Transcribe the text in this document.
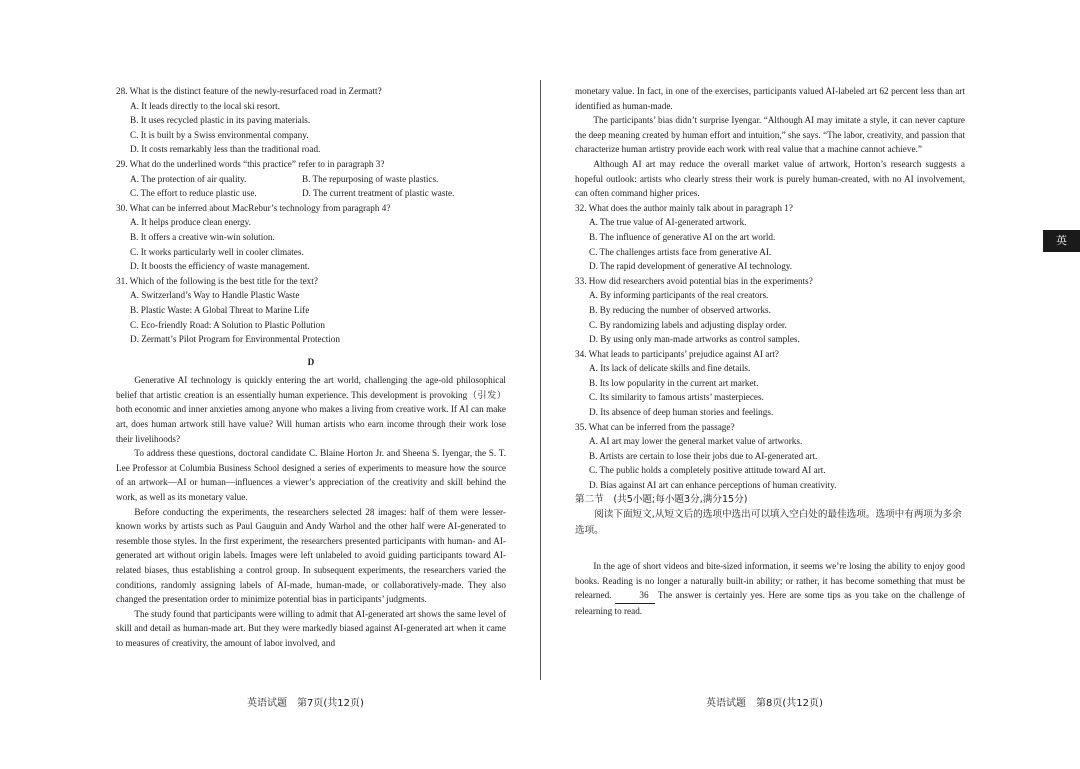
28. What is the distinct feature of the newly-resurfaced road in Zermatt?

A. It leads directly to the local ski resort.

B. It uses recycled plastic in its paving materials.

C. It is built by a Swiss environmental company.

D. It costs remarkably less than the traditional road.

29. What do the underlined words “this practice” refer to in paragraph 3?

A. The protection of air quality.	B. The repurposing of waste plastics.
C. The effort to reduce plastic use.	D. The current treatment of plastic waste.

30. What can be inferred about MacRebur’s technology from paragraph 4?

A. It helps produce clean energy.

B. It offers a creative win-win solution.

C. It works particularly well in cooler climates.

D. It boosts the efficiency of waste management.

31. Which of the following is the best title for the text?

A. Switzerland’s Way to Handle Plastic Waste

B. Plastic Waste: A Global Threat to Marine Life

C. Eco-friendly Road: A Solution to Plastic Pollution

D. Zermatt’s Pilot Program for Environmental Protection

D

Generative AI technology is quickly entering the art world, challenging the age-old philosophical belief that artistic creation is an essentially human experience. This development is provoking（引发）both economic and inner anxieties among anyone who makes a living from creative work. If AI can make art, does human artwork still have value? Will human artists who earn income through their work lose their livelihoods?

To address these questions, doctoral candidate C. Blaine Horton Jr. and Sheena S. Iyengar, the S. T. Lee Professor at Columbia Business School designed a series of experiments to measure how the source of an artwork—AI or human—influences a viewer’s appreciation of the creativity and skill behind the work, as well as its monetary value.

Before conducting the experiments, the researchers selected 28 images: half of them were lesser-known works by artists such as Paul Gauguin and Andy Warhol and the other half were AI-generated to resemble those styles. In the first experiment, the researchers presented participants with human- and AI-generated art without origin labels. Images were left unlabeled to avoid guiding participants toward AI-related biases, thus establishing a control group. In subsequent experiments, the researchers varied the conditions, randomly assigning labels of AI-made, human-made, or collaboratively-made. They also changed the presentation order to minimize potential bias in participants’ judgments.

The study found that participants were willing to admit that AI-generated art shows the same level of skill and detail as human-made art. But they were markedly biased against AI-generated art when it came to measures of creativity, the amount of labor involved, and

monetary value. In fact, in one of the exercises, participants valued AI-labeled art 62 percent less than art identified as human-made.

The participants’ bias didn’t surprise Iyengar. “Although AI may imitate a style, it can never capture the deep meaning created by human effort and intuition,” she says. “The labor, creativity, and passion that characterize human artistry provide each work with real value that a machine cannot achieve.”

Although AI art may reduce the overall market value of artwork, Horton’s research suggests a hopeful outlook: artists who clearly stress their work is purely human-created, with no AI involvement, can often command higher prices.

32. What does the author mainly talk about in paragraph 1?

A. The true value of AI-generated artwork.

B. The influence of generative AI on the art world.

C. The challenges artists face from generative AI.

D. The rapid development of generative AI technology.

33. How did researchers avoid potential bias in the experiments?

A. By informing participants of the real creators.

B. By reducing the number of observed artworks.

C. By randomizing labels and adjusting display order.

D. By using only man-made artworks as control samples.

34. What leads to participants’ prejudice against AI art?

A. Its lack of delicate skills and fine details.

B. Its low popularity in the current art market.

C. Its similarity to famous artists’ masterpieces.

D. Its absence of deep human stories and feelings.

35. What can be inferred from the passage?

A. AI art may lower the general market value of artworks.

B. Artists are certain to lose their jobs due to AI-generated art.

C. The public holds a completely positive attitude toward AI art.

D. Bias against AI art can enhance perceptions of human creativity.

第二节　(共5小题;每小题3分,满分15分)

阅读下面短文,从短文后的选项中选出可以填入空白处的最佳选项。选项中有两项为多余选项。

In the age of short videos and bite-sized information, it seems we’re losing the ability to enjoy good books. Reading is no longer a naturally built-in ability; or rather, it has become something that must be relearned.	36 The answer is certainly yes. Here are some tips as you take on the challenge of relearning to read.

英语试题　第7页(共12页)	英语试题　第8页(共12页)
英
